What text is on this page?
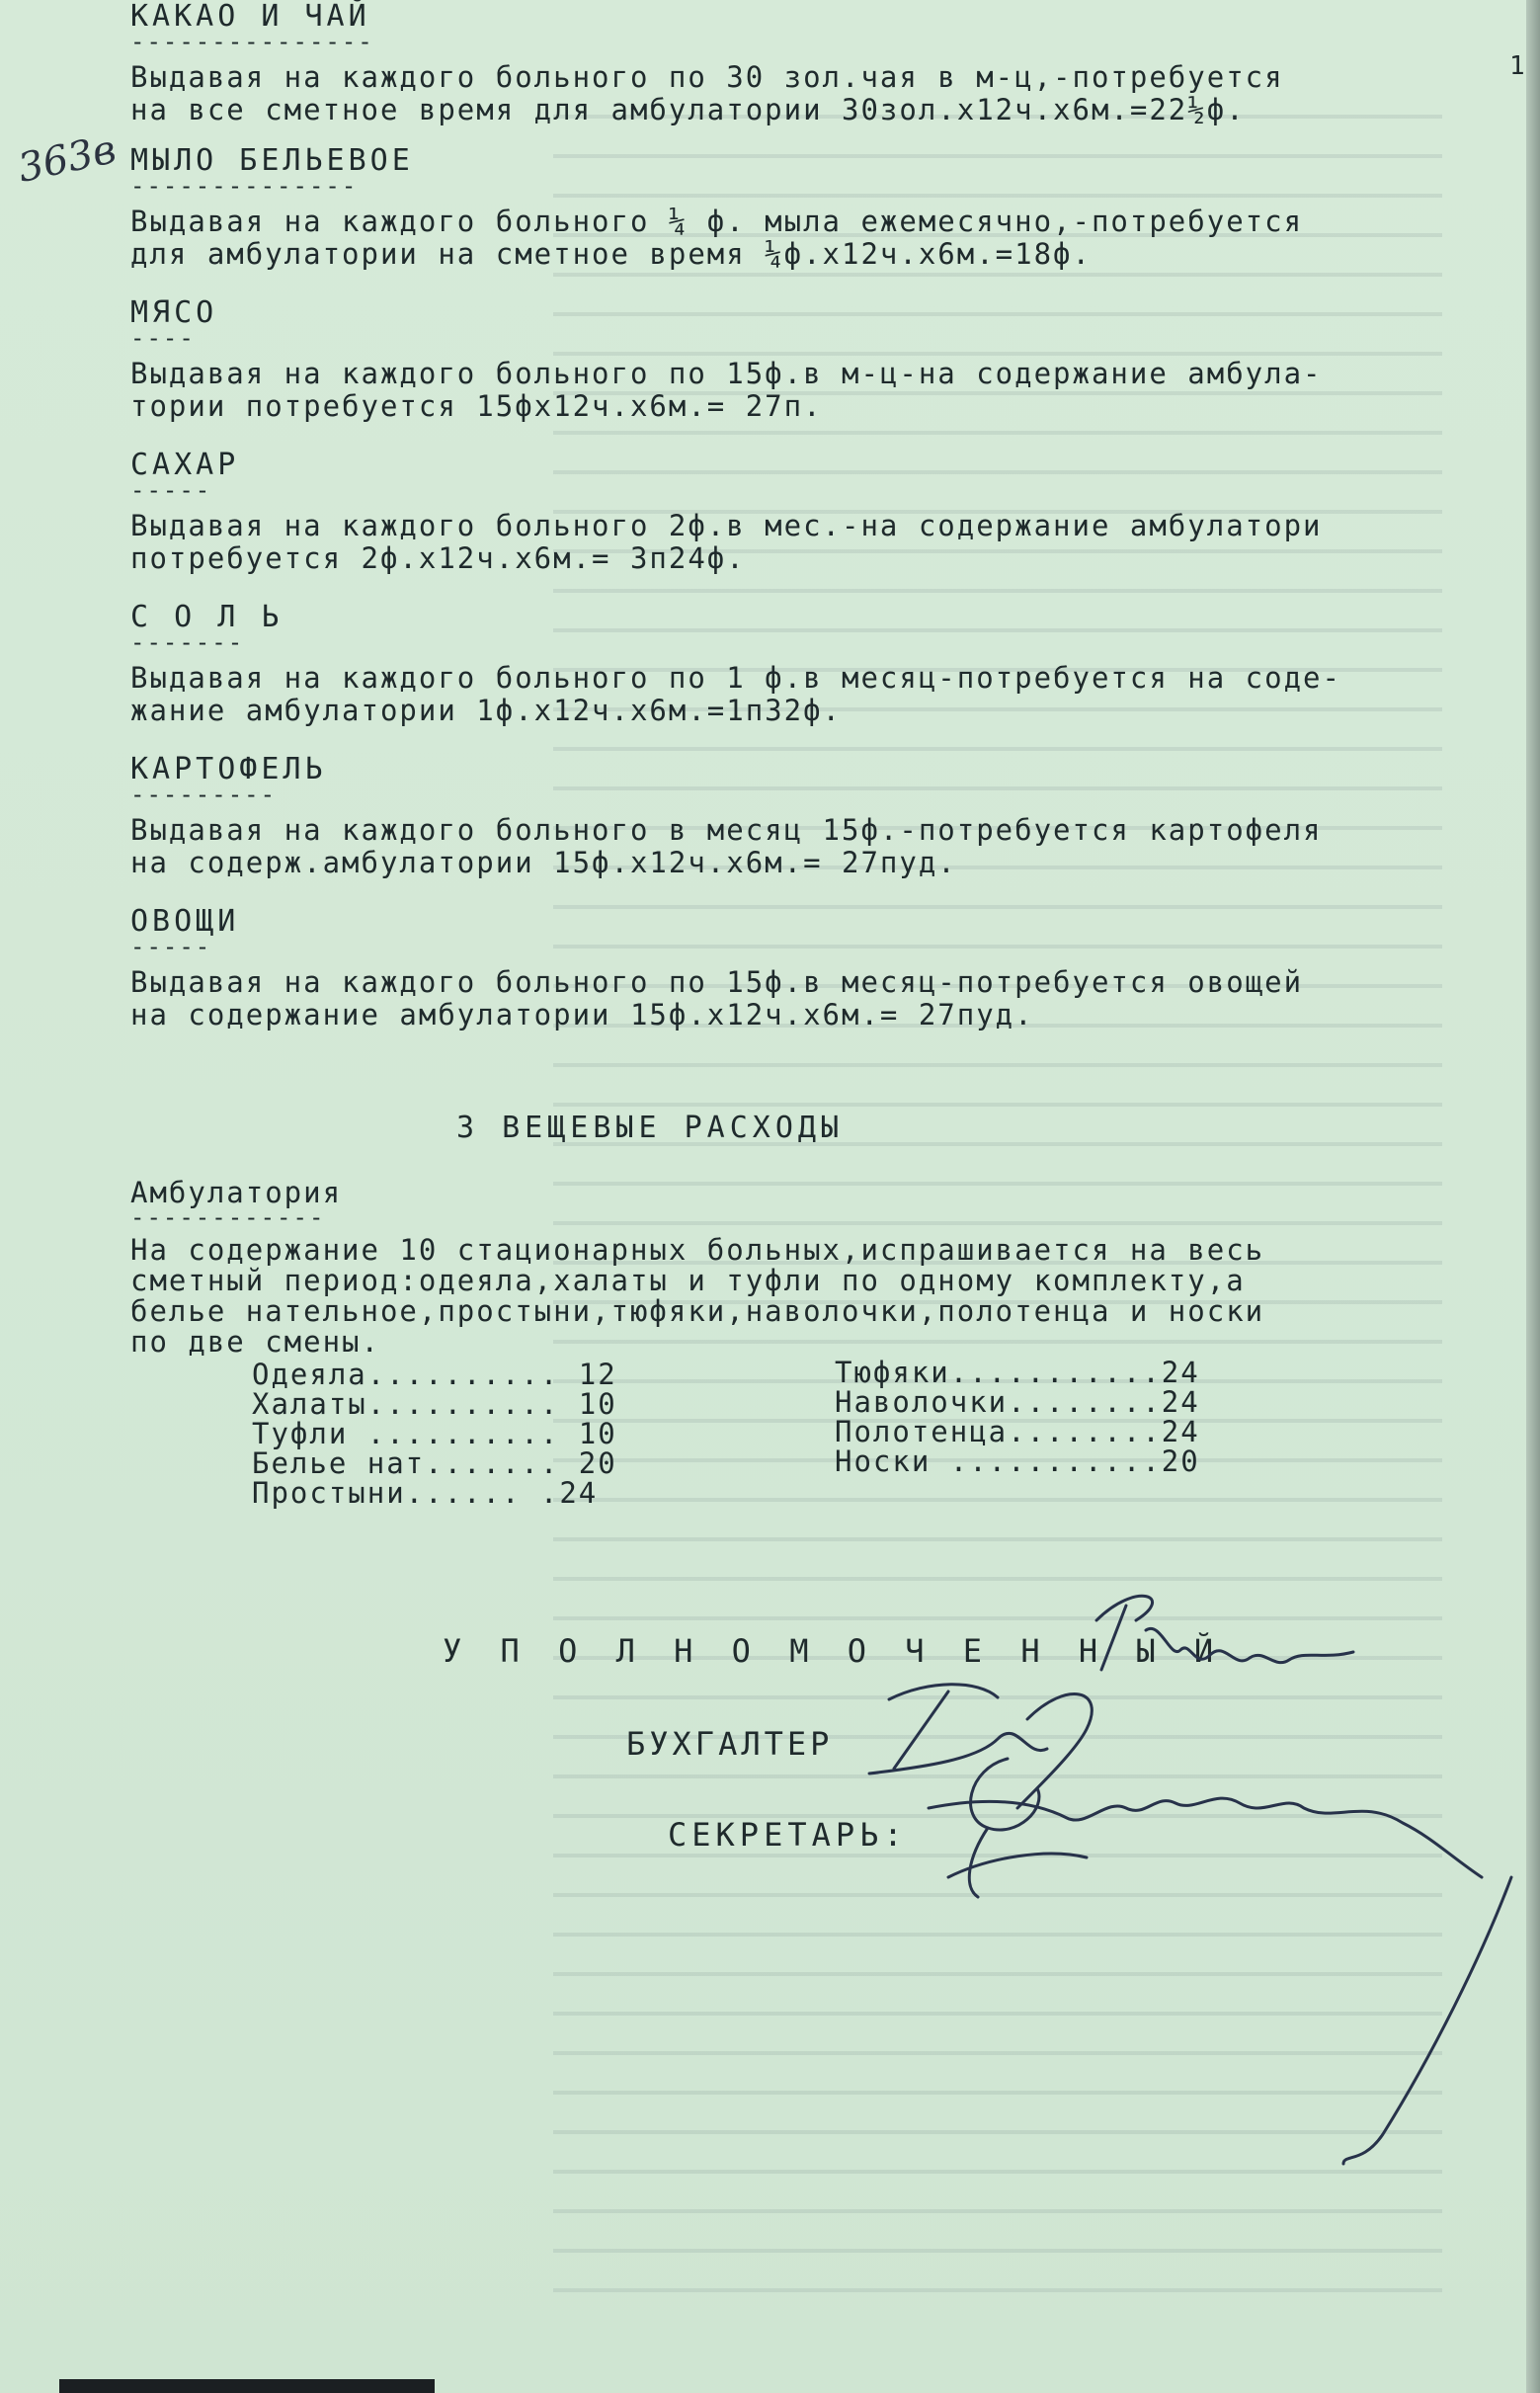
363в
КАКАО И ЧАЙ
---------------
Выдавая на каждого больного по 30 зол.чая в м-ц,-потребуется
на все сметное время для амбулатории 30зол.х12ч.х6м.=22½ф.
МЫЛО БЕЛЬЕВОЕ
--------------
Выдавая на каждого больного ¼ ф. мыла ежемесячно,-потребуется
для амбулатории на сметное время ¼ф.х12ч.х6м.=18ф.
МЯСО
----
Выдавая на каждого больного по 15ф.в м-ц-на содержание амбула-
тории потребуется 15фх12ч.х6м.= 27п.
САХАР
-----
Выдавая на каждого больного 2ф.в мес.-на содержание амбулатори
потребуется 2ф.х12ч.х6м.= 3п24ф.
С О Л Ь
-------
Выдавая на каждого больного по 1 ф.в месяц-потребуется на соде-
жание амбулатории 1ф.х12ч.х6м.=1п32ф.
КАРТОФЕЛЬ
---------
Выдавая на каждого больного в месяц 15ф.-потребуется картофеля
на содерж.амбулатории 15ф.х12ч.х6м.= 27пуд.
ОВОЩИ
-----
Выдавая на каждого больного по 15ф.в месяц-потребуется овощей
на содержание амбулатории 15ф.х12ч.х6м.= 27пуд.
3 ВЕЩЕВЫЕ РАСХОДЫ
Амбулатория
------------
На содержание 10 стационарных больных,испрашивается на весь
сметный период:одеяла,халаты и туфли по одному комплекту,а
белье нательное,простыни,тюфяки,наволочки,полотенца и носки
по две смены.
Одеяла.......... 12
Халаты.......... 10
Туфли .......... 10
Белье нат....... 20
Простыни...... .24
Тюфяки...........24
Наволочки........24
Полотенца........24
Носки ...........20
У П О Л Н О М О Ч Е Н Н Ы Й
БУХГАЛТЕР
СЕКРЕТАРЬ:
1
